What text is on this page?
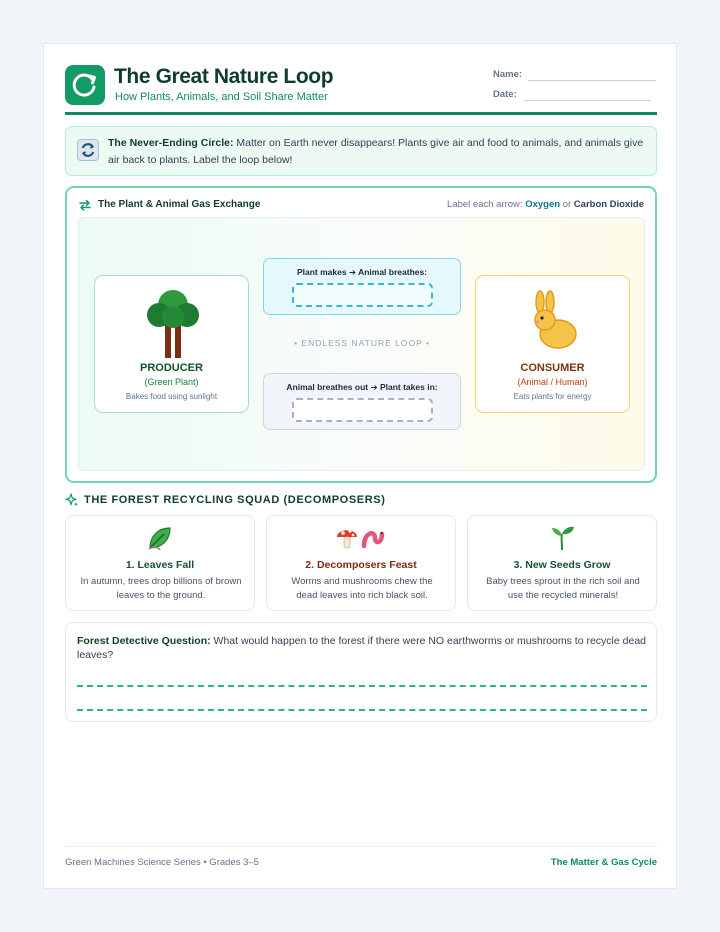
The Great Nature Loop
How Plants, Animals, and Soil Share Matter
Name:
Date:
The Never-Ending Circle: Matter on Earth never disappears! Plants give air and food to animals, and animals give air back to plants. Label the loop below!
The Plant & Animal Gas Exchange	Label each arrow: Oxygen or Carbon Dioxide
PRODUCER
(Green Plant)
Bakes food using sunlight
Plant makes ➔ Animal breathes:
• ENDLESS NATURE LOOP •
Animal breathes out ➔ Plant takes in:
CONSUMER
(Animal / Human)
Eats plants for energy
THE FOREST RECYCLING SQUAD (DECOMPOSERS)
1. Leaves Fall
In autumn, trees drop billions of brown leaves to the ground.
2. Decomposers Feast
Worms and mushrooms chew the dead leaves into rich black soil.
3. New Seeds Grow
Baby trees sprout in the rich soil and use the recycled minerals!
Forest Detective Question: What would happen to the forest if there were NO earthworms or mushrooms to recycle dead leaves?
Green Machines Science Series • Grades 3–5	The Matter & Gas Cycle
